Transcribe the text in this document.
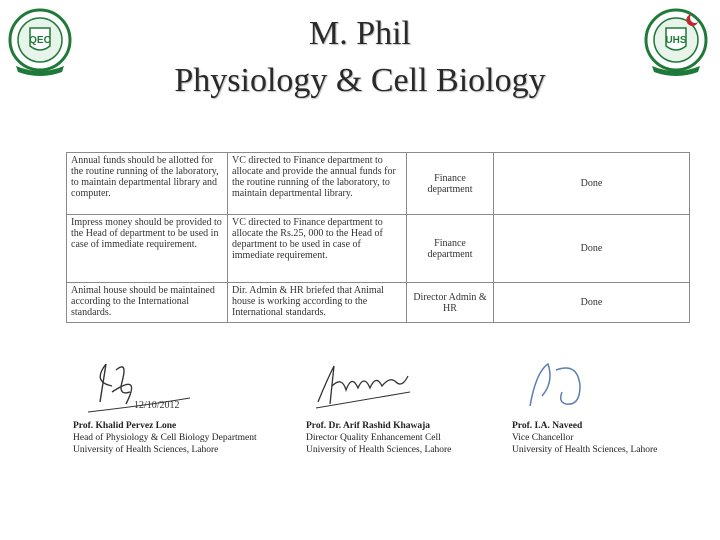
QEC	UHS
M. Phil
Physiology & Cell Biology
Annual funds should be allotted for the routine running of the laboratory, to maintain departmental library and computer.	VC directed to Finance department to allocate and provide the annual funds for the routine running of the laboratory, to maintain departmental library.	Finance department	Done
Impress money should be provided to the Head of department to be used in case of immediate requirement.	VC directed to Finance department to allocate the Rs.25, 000 to the Head of department to be used in case of immediate requirement.	Finance department	Done
Animal house should be maintained according to the International standards.	Dir. Admin & HR briefed that Animal house is working according to the International standards.	Director Admin & HR	Done
12/10/2012
Prof. Khalid Pervez Lone
Head of Physiology & Cell Biology Department
University of Health Sciences, Lahore
Prof. Dr. Arif Rashid Khawaja
Director Quality Enhancement Cell
University of Health Sciences, Lahore
Prof. I.A. Naveed
Vice Chancellor
University of Health Sciences, Lahore
